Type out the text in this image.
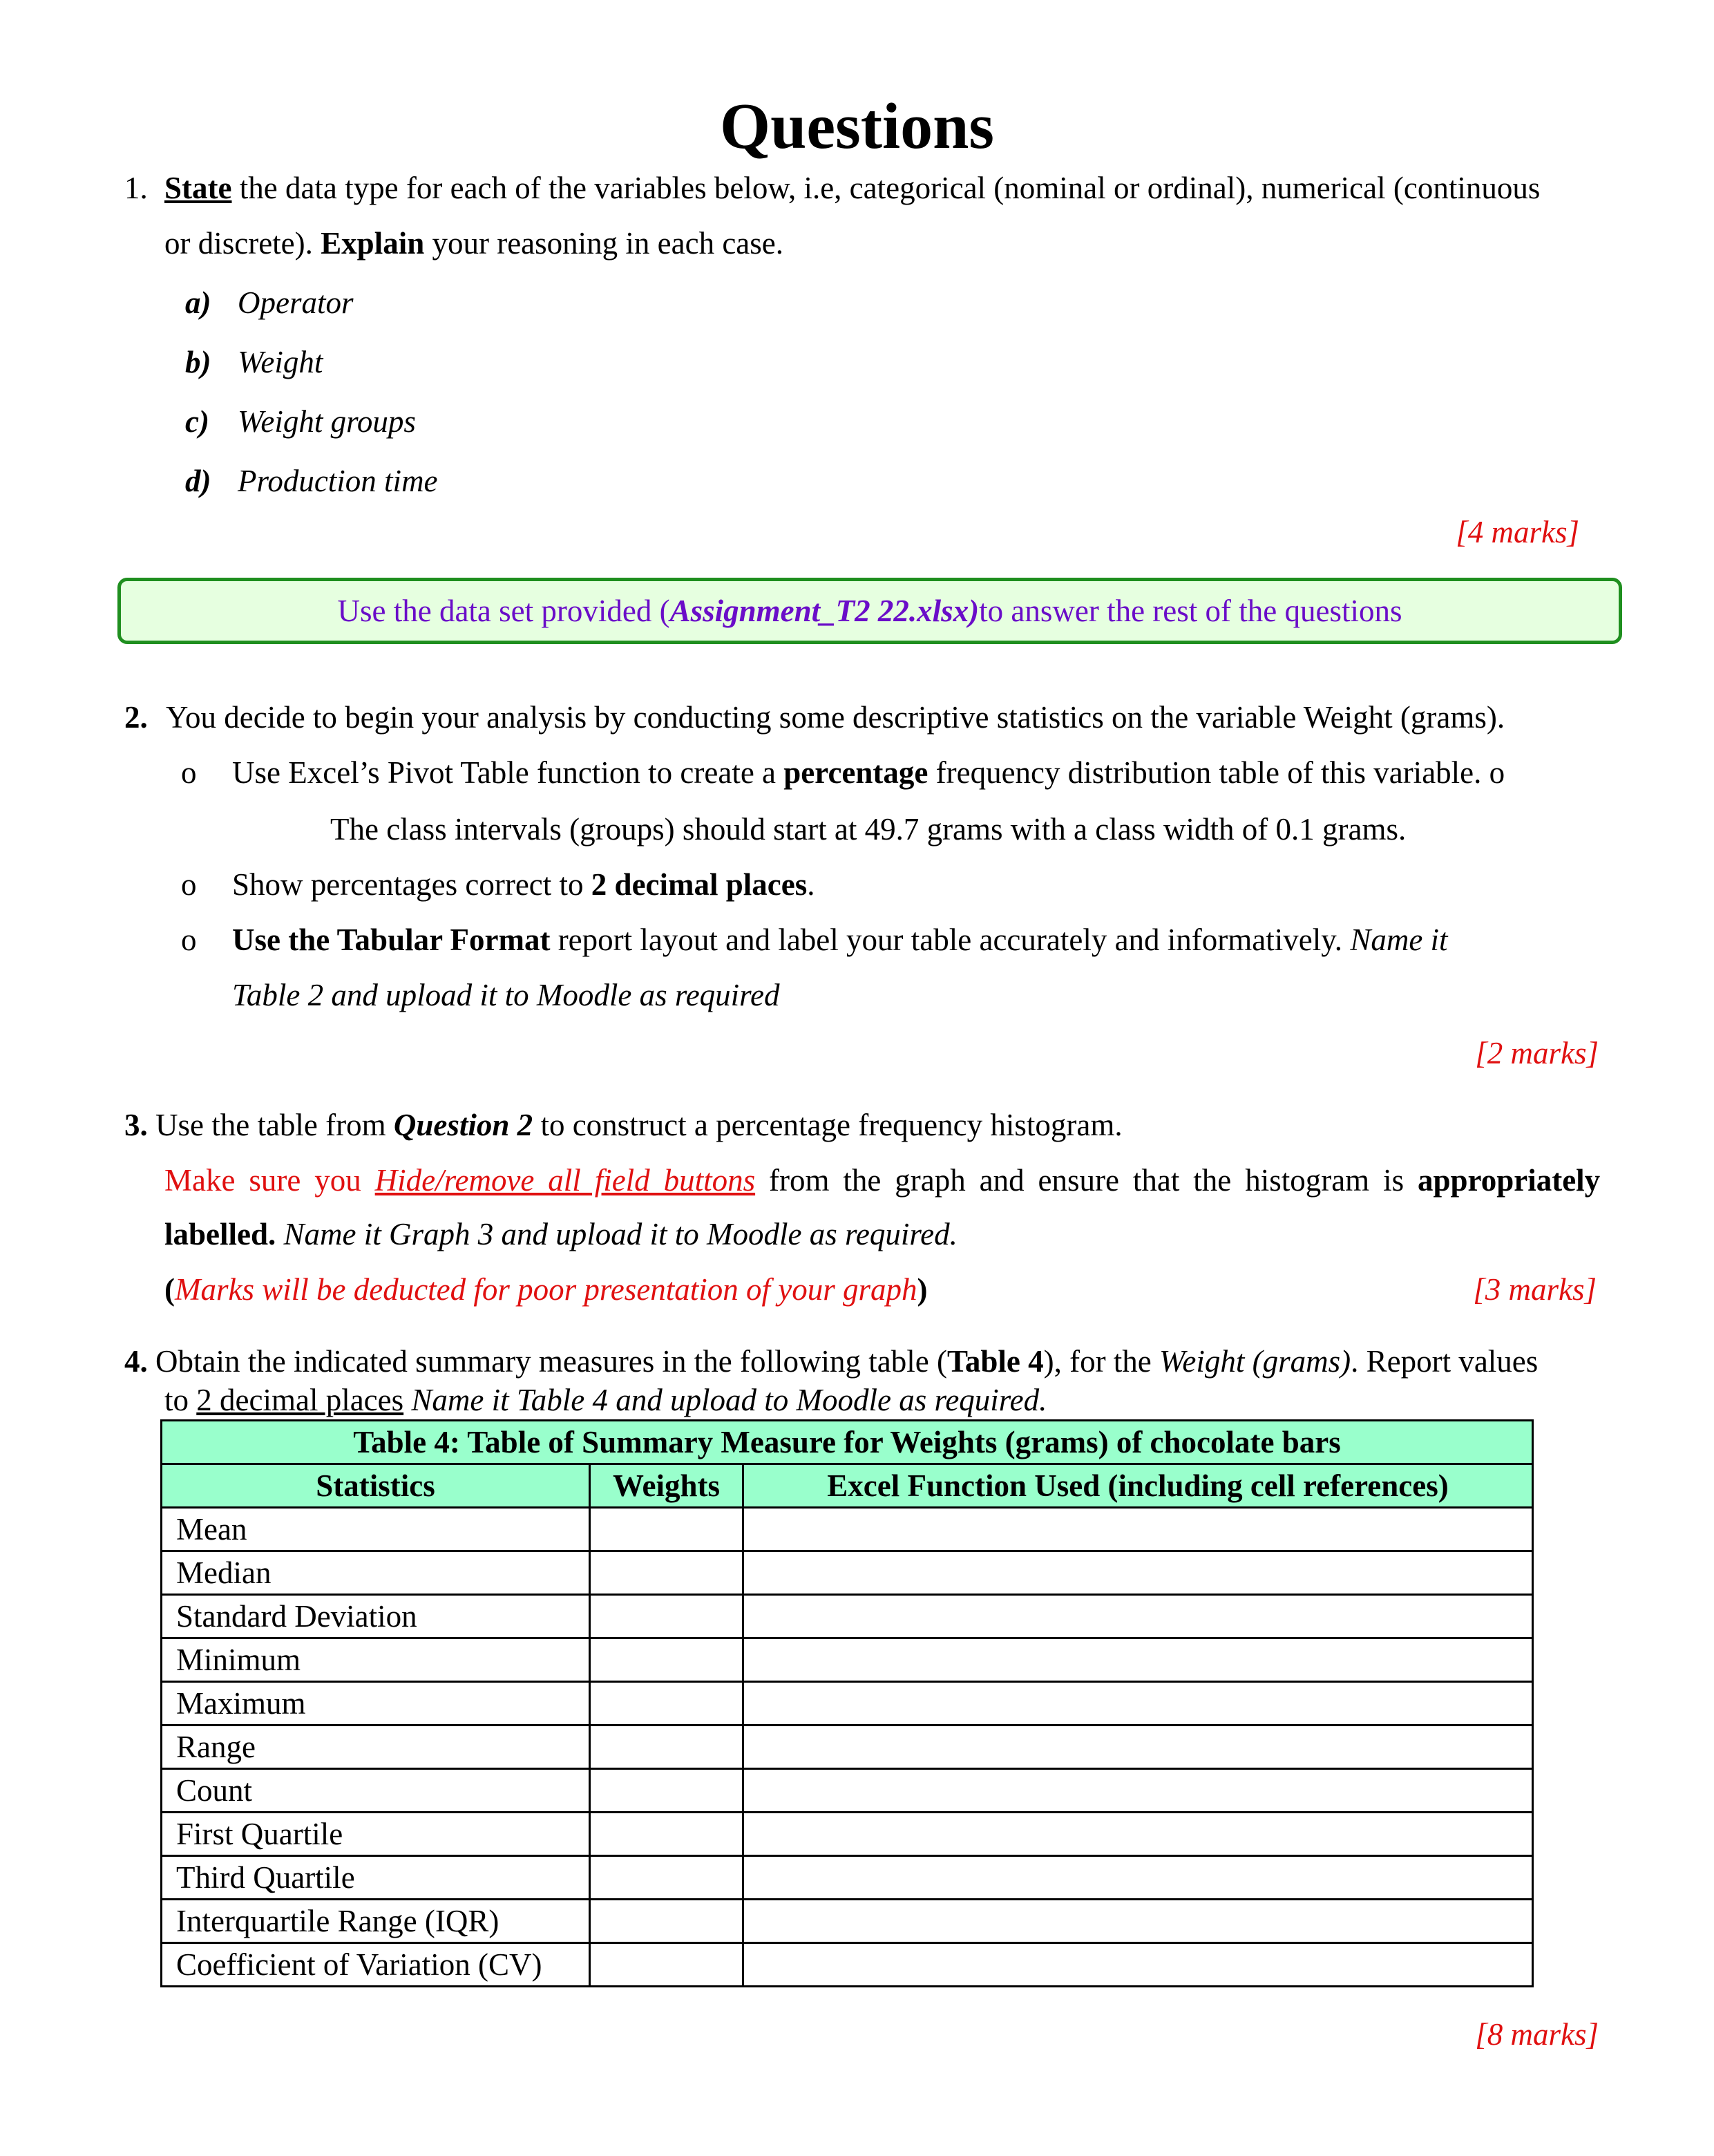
Questions
1. State the data type for each of the variables below, i.e, categorical (nominal or ordinal), numerical (continuous
or discrete). Explain your reasoning in each case.
a) Operator
b) Weight
c) Weight groups
d) Production time
[4 marks]
Use the data set provided ( Assignment_T2 22.xlsx) to answer the rest of the questions
2. You decide to begin your analysis by conducting some descriptive statistics on the variable Weight (grams).
o Use Excel’s Pivot Table function to create a percentage frequency distribution table of this variable. o
The class intervals (groups) should start at 49.7 grams with a class width of 0.1 grams.
o Show percentages correct to 2 decimal places.
o Use the Tabular Format report layout and label your table accurately and informatively. Name it
Table 2 and upload it to Moodle as required
[2 marks]
3. Use the table from Question 2 to construct a percentage frequency histogram.
Make sure you Hide/remove all field buttons from the graph and ensure that the histogram is appropriately
labelled. Name it Graph 3 and upload it to Moodle as required.
(Marks will be deducted for poor presentation of your graph)	[3 marks]
4. Obtain the indicated summary measures in the following table (Table 4), for the Weight (grams). Report values
to 2 decimal places Name it Table 4 and upload to Moodle as required.
Table 4: Table of Summary Measure for Weights (grams) of chocolate bars		
Statistics	Weights	Excel Function Used (including cell references)
Mean		
Median		
Standard Deviation		
Minimum		
Maximum		
Range		
Count		
First Quartile		
Third Quartile		
Interquartile Range (IQR)		
Coefficient of Variation (CV)		
[8 marks]
